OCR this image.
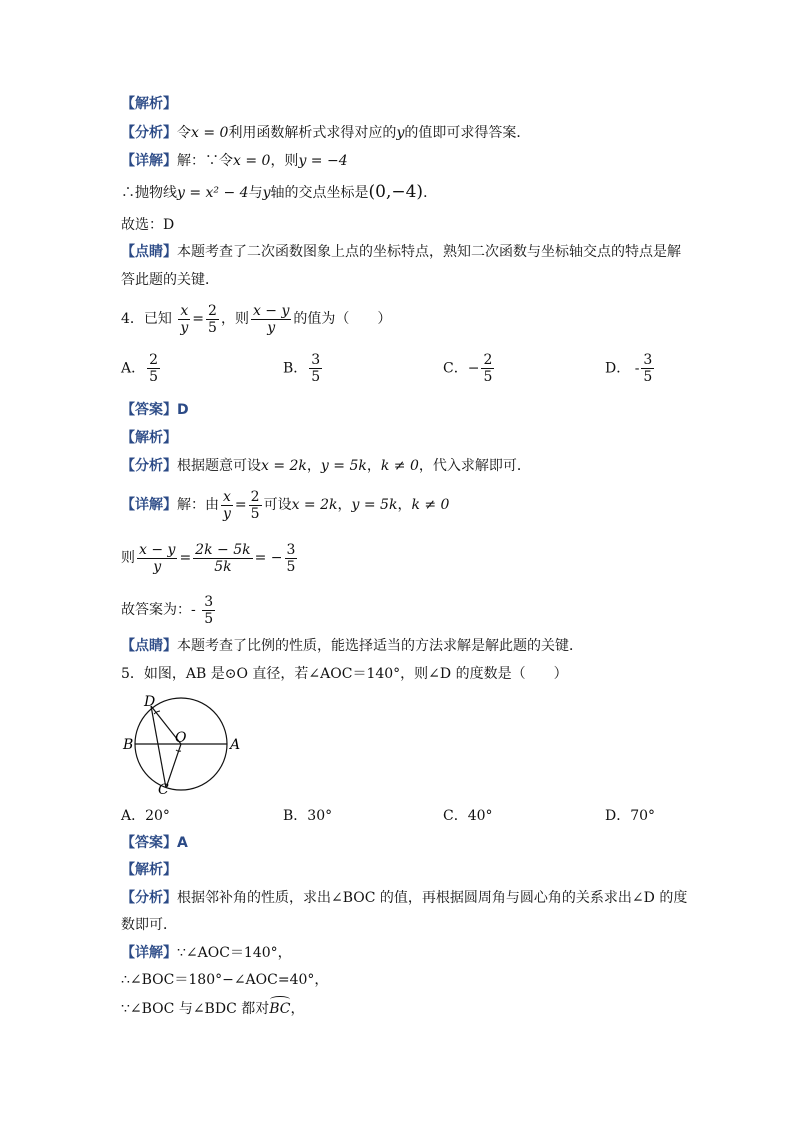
【解析】
【分析】令x = 0利用函数解析式求得对应的y的值即可求得答案．
【详解】解：∵令x = 0，则y = −4
∴抛物线y = x² − 4与y轴的交点坐标是(0,−4)．
故选：D
【点睛】本题考查了二次函数图象上点的坐标特点，熟知二次函数与坐标轴交点的特点是解
答此题的关键．
4．已知 $\frac{x}{y} = \frac{2}{5}$ ，则 $\frac{x - y}{y}$ 的值为（　　）
A． $\frac{2}{5}$	B． $\frac{3}{5}$	C．− $\frac{2}{5}$	D． - $\frac{3}{5}$
【答案】D
【解析】
【分析】根据题意可设x = 2k，y = 5k，k ≠ 0，代入求解即可．
【详解】解：由 $\frac{x}{y} = \frac{2}{5}$ 可设x = 2k，y = 5k，k ≠ 0
则 $\frac{x - y}{y} = \frac{2k - 5k}{5k}$ = − $\frac{3}{5}$
故答案为：- $\frac{3}{5}$
【点睛】本题考查了比例的性质，能选择适当的方法求解是解此题的关键．
5．如图，AB 是⊙O 直径，若∠AOC＝140°，则∠D 的度数是（　　）
D
B	O	A
C
A．20°	B．30°	C．40°	D．70°
【答案】A
【解析】
【分析】根据邻补角的性质，求出∠BOC 的值，再根据圆周角与圆心角的关系求出∠D 的度
数即可．
【详解】∵∠AOC＝140°，
∴∠BOC＝180°−∠AOC=40°，
∵∠BOC 与∠BDC 都对BC，
